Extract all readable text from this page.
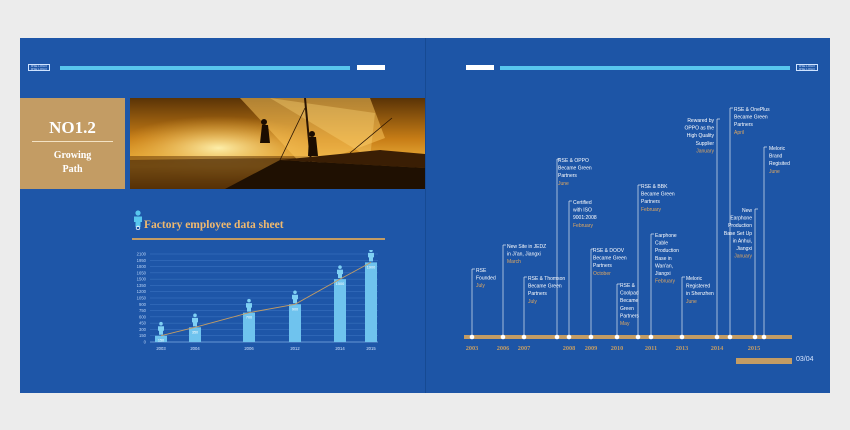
RSE LOGO
RSE LOGO
NO1.2
Growing
Path
Factory employee data sheet
0
150
300
450
600
750
900
1050
1200
1350
1500
1650
1800
1950
2100
150
2003
350
2004
700
2006
900
2012
1500
2014
1900
2015
RSE LOGO
RSE LOGO
2003	2006 2007	2008 2009 2010	2011	2013	2014	2015
RSE
Founded
July
New Site in JEDZ
in Ji'an, Jiangxi
March
RSE & Thomson
Became Green
Partners
July
RSE & OPPO
Became Green
Partners
June
Certified
with ISO
9001:2008
February
RSE & DOOV
Became Green
Partners
October
RSE &
Coolpad
Became
Green
Partners
May
RSE & BBK
Became Green
Partners
February
Earphone
Cable
Production
Base in
Wan'an,
Jiangxi
February Meloric
Registered
in Shenzhen
June
Rewared by
OPPO as the
High Quality
Supplier
January
RSE & OnePlus
Became Green
Partners
April
New
Earphone
Production
Base Set Up
in Anhui,
Jiangxi
January
Meloric
Brand
Regisited
June
03/04
